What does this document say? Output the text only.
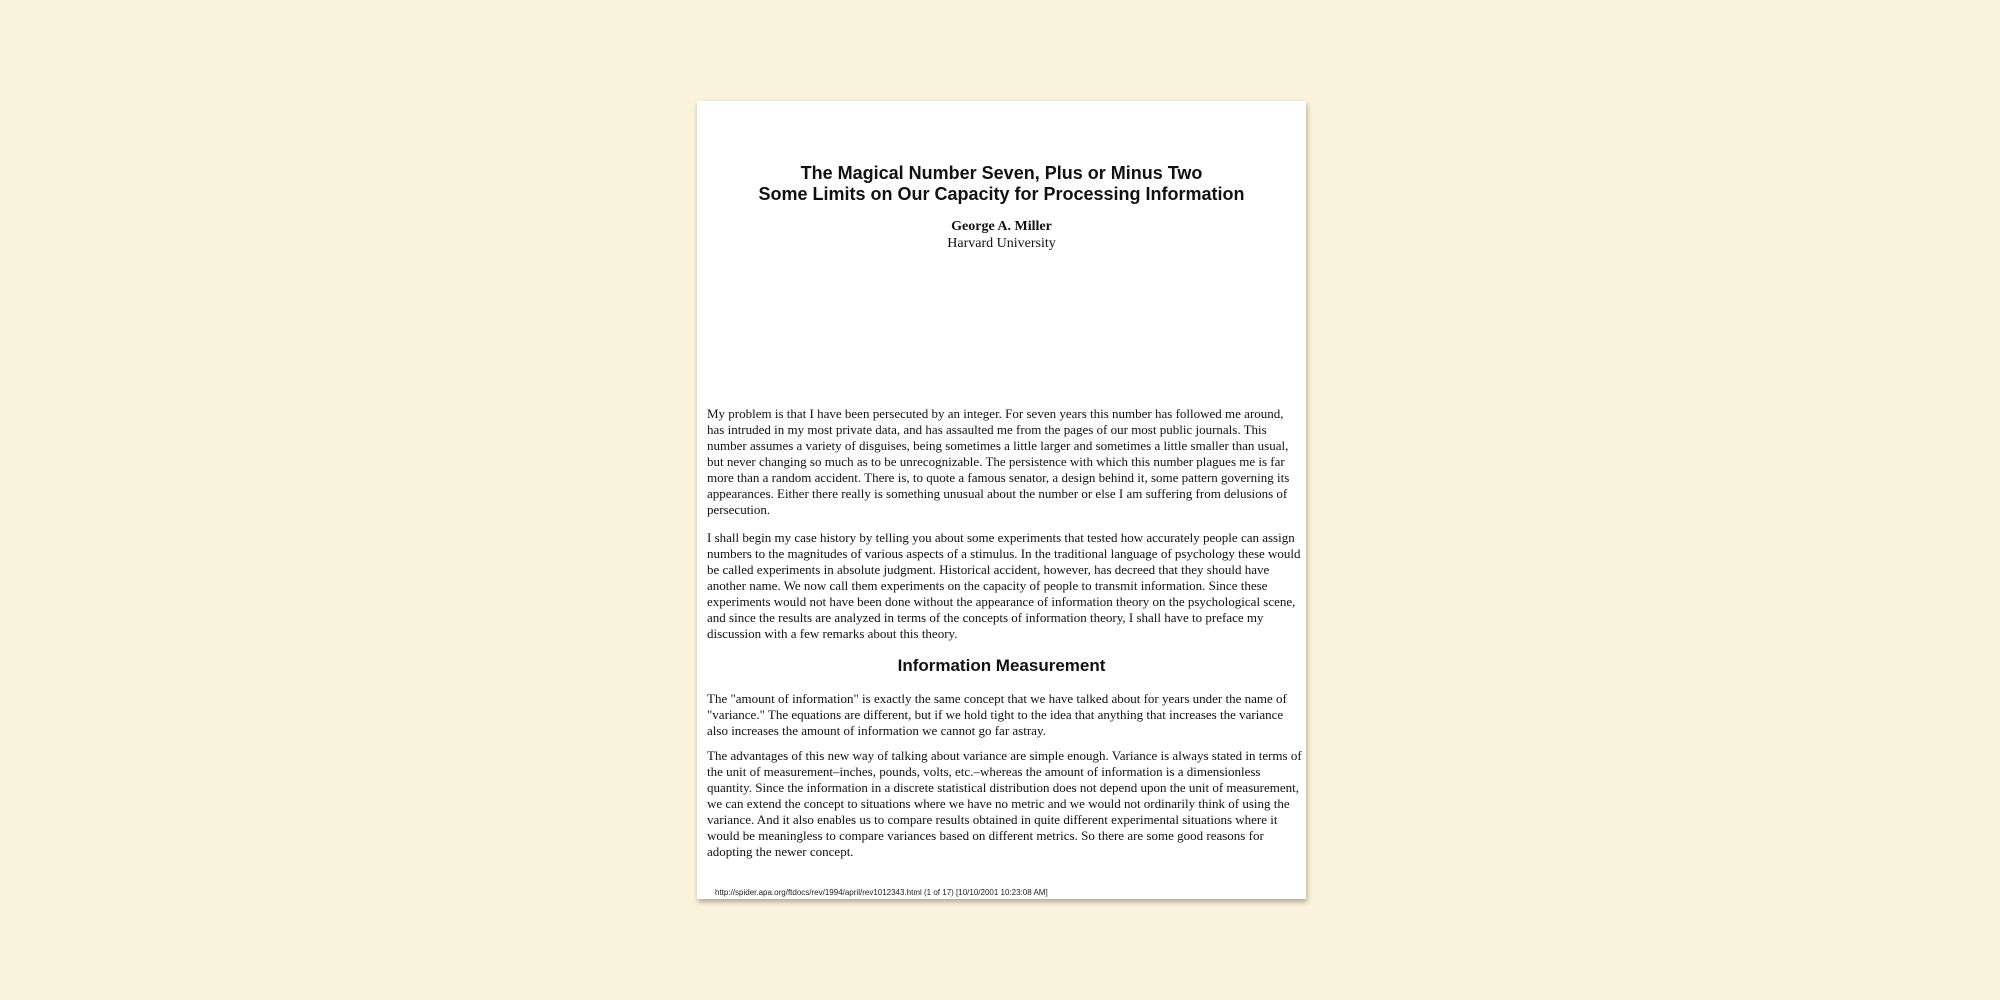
The Magical Number Seven, Plus or Minus Two
Some Limits on Our Capacity for Processing Information
George A. Miller
Harvard University

My problem is that I have been persecuted by an integer. For seven years this number has followed me around, has intruded in my most private data, and has assaulted me from the pages of our most public journals. This number assumes a variety of disguises, being sometimes a little larger and sometimes a little smaller than usual, but never changing so much as to be unrecognizable. The persistence with which this number plagues me is far more than a random accident. There is, to quote a famous senator, a design behind it, some pattern governing its appearances. Either there really is something unusual about the number or else I am suffering from delusions of persecution.

I shall begin my case history by telling you about some experiments that tested how accurately people can assign numbers to the magnitudes of various aspects of a stimulus. In the traditional language of psychology these would be called experiments in absolute judgment. Historical accident, however, has decreed that they should have another name. We now call them experiments on the capacity of people to transmit information. Since these experiments would not have been done without the appearance of information theory on the psychological scene, and since the results are analyzed in terms of the concepts of information theory, I shall have to preface my discussion with a few remarks about this theory.

Information Measurement

The "amount of information" is exactly the same concept that we have talked about for years under the name of "variance." The equations are different, but if we hold tight to the idea that anything that increases the variance also increases the amount of information we cannot go far astray.

The advantages of this new way of talking about variance are simple enough. Variance is always stated in terms of the unit of measurement–inches, pounds, volts, etc.–whereas the amount of information is a dimensionless quantity. Since the information in a discrete statistical distribution does not depend upon the unit of measurement, we can extend the concept to situations where we have no metric and we would not ordinarily think of using the variance. And it also enables us to compare results obtained in quite different experimental situations where it would be meaningless to compare variances based on different metrics. So there are some good reasons for adopting the newer concept.

http://spider.apa.org/ftdocs/rev/1994/april/rev1012343.html (1 of 17) [10/10/2001 10:23:08 AM]
